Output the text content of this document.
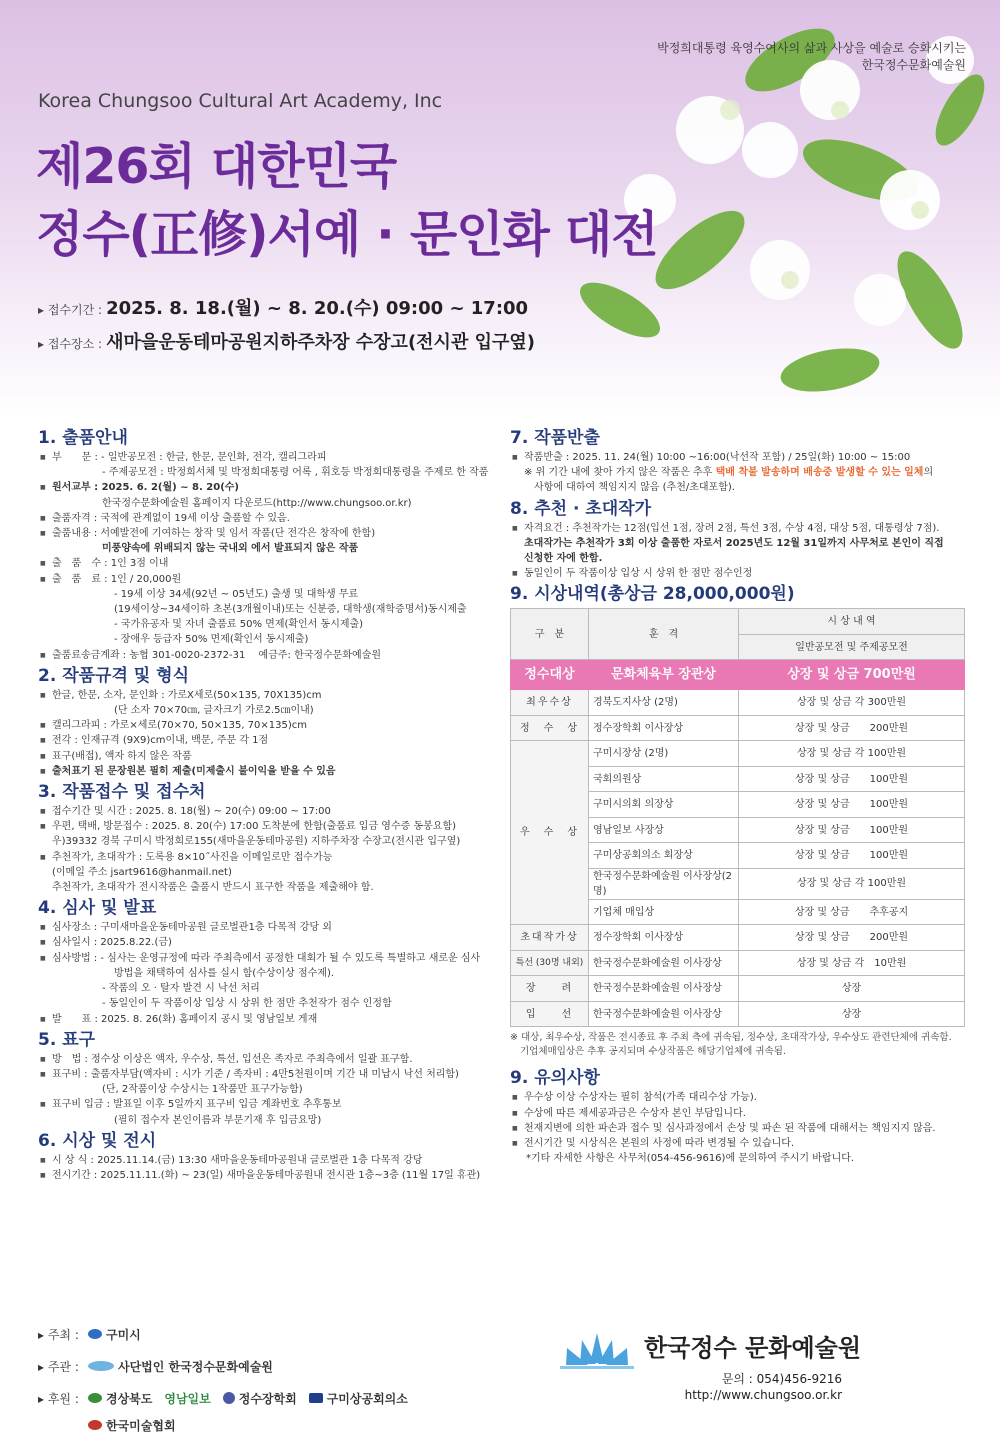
박정희대통령 육영수여사의 삶과 사상을 예술로 승화시키는
한국정수문화예술원
Korea Chungsoo Cultural Art Academy, Inc
제26회 대한민국
정수(正修)서예 · 문인화 대전
▸ 접수기간 : 2025. 8. 18.(월) ~ 8. 20.(수) 09:00 ~ 17:00
▸ 접수장소 : 새마을운동테마공원지하주차장 수장고(전시관 입구옆)
1. 출품안내
■ 부　　문 : - 일반공모전 : 한글, 한문, 문인화, 전각, 캘리그라피
- 주제공모전 : 박정희서체 및 박정희대통령 어록 , 휘호등 박정희대통령을 주제로 한 작품
■ 원서교부 : 2025. 6. 2(월) ~ 8. 20(수)
한국정수문화예술원 홈페이지 다운로드(http://www.chungsoo.or.kr)
■ 출품자격 : 국적에 관계없이 19세 이상 출품할 수 있음.
■ 출품내용 : 서예발전에 기여하는 창작 및 임서 작품(단 전각은 창작에 한함)
미풍양속에 위배되지 않는 국내외 에서 발표되지 않은 작품
■ 출　품　수 : 1인 3점 이내
■ 출　품　료 : 1인 / 20,000원
- 19세 이상 34세(92년 ~ 05년도) 출생 및 대학생 무료
(19세이상~34세이하 초본(3개월이내)또는 신분증, 대학생(재학증명서)동시제출
- 국가유공자 및 자녀 출품료 50% 면제(확인서 동시제출)
- 장애우 등급자 50% 면제(확인서 동시제출)
■ 출품료송금계좌 : 농협 301-0020-2372-31　 예금주: 한국정수문화예술원
2. 작품규격 및 형식
■ 한글, 한문, 소자, 문인화 : 가로X세로(50×135, 70X135)cm
(단 소자 70×70㎝, 글자크기 가로2.5㎝이내)
■ 캘리그라피 : 가로×세로(70×70, 50×135, 70×135)cm
■ 전각 : 인재규격 (9X9)cm이내, 백문, 주문 각 1점
■ 표구(배접), 액자 하지 않은 작품
■ 출처표기 된 문장원본 필히 제출(미제출시 불이익을 받을 수 있음
3. 작품접수 및 접수처
■ 접수기간 및 시간 : 2025. 8. 18(월) ~ 20(수) 09:00 ~ 17:00
■ 우편, 택배, 방문접수 : 2025. 8. 20(수) 17:00 도착분에 한함(출품료 입금 영수증 동봉요함)
우)39332 경북 구미시 박정희로155(새마을운동테마공원) 지하주차장 수장고(전시관 입구옆)
■ 추천작가, 초대작가 : 도록용 8×10˝사진을 이메일로만 접수가능
(이메일 주소 jsart9616@hanmail.net)
추천작가, 초대작가 전시작품은 출품시 반드시 표구한 작품을 제출해야 함.
4. 심사 및 발표
■ 심사장소 : 구미새마을운동테마공원 글로벌관1층 다목적 강당 외
■ 심사일시 : 2025.8.22.(금)
■ 심사방법 : - 심사는 운영규정에 따라 주최측에서 공정한 대회가 될 수 있도록 특별하고 새로운 심사
방법을 채택하여 심사를 실시 함(수상이상 점수제).
- 작품의 오 · 탈자 발견 시 낙선 처리
- 동일인이 두 작품이상 입상 시 상위 한 점만 추천작가 점수 인정함
■ 발　　표 : 2025. 8. 26(화) 홈페이지 공시 및 영남일보 게재
5. 표구
■ 방　법 : 정수상 이상은 액자, 우수상, 특선, 입선은 족자로 주최측에서 일괄 표구함.
■ 표구비 : 출품자부담(액자비 : 시가 기준 / 족자비 : 4만5천원이며 기간 내 미납시 낙선 처리함)
(단, 2작품이상 수상시는 1작품만 표구가능함)
■ 표구비 입금 : 발표일 이후 5일까지 표구비 입금 계좌번호 추후통보
(필히 접수자 본인이름과 부문기재 후 입금요망)
6. 시상 및 전시
■ 시 상 식 : 2025.11.14.(금) 13:30 새마을운동테마공원내 글로벌관 1층 다목적 강당
■ 전시기간 : 2025.11.11.(화) ~ 23(일) 새마을운동테마공원내 전시관 1층~3층 (11월 17일 휴관)
7. 작품반출
■ 작품반출 : 2025. 11. 24(월) 10:00 ~16:00(낙선작 포함) / 25일(화) 10:00 ~ 15:00
※ 위 기간 내에 찾아 가지 않은 작품은 추후 택배 착불 발송하며 배송중 발생할 수 있는 일체의
사항에 대하여 책임지지 않음 (추천/초대포함).
8. 추천 · 초대작가
■ 자격요건 : 추천작가는 12점(입선 1점, 장려 2점, 특선 3점, 수상 4점, 대상 5점, 대통령상 7점).
초대작가는 추천작가 3회 이상 출품한 자로서 2025년도 12월 31일까지 사무처로 본인이 직접
신청한 자에 한함.
■ 동일인이 두 작품이상 입상 시 상위 한 점만 점수인정
9. 시상내역(총상금 28,000,000원)
구　분	훈　격	시 상 내 역
		일반공모전 및 주제공모전
정수대상	문화체육부 장관상	상장 및 상금 700만원
최우수상	경북도지사상 (2명)	상장 및 상금 각 300만원
정　수　상	정수장학회 이사장상	상장 및 상금　　200만원
우　수　상	구미시장상 (2명)	상장 및 상금 각 100만원
	국회의원상	상장 및 상금　　100만원
	구미시의회 의장상	상장 및 상금　　100만원
	영남일보 사장상	상장 및 상금　　100만원
	구미상공회의소 회장상	상장 및 상금　　100만원
	한국정수문화예술원 이사장상(2명)	상장 및 상금 각 100만원
	기업체 매입상	상장 및 상금　　추후공지
초대작가상	정수장학회 이사장상	상장 및 상금　　200만원
특선 (30명 내외)	한국정수문화예술원 이사장상	상장 및 상금 각　10만원
장　　려	한국정수문화예술원 이사장상	상장
입　　선	한국정수문화예술원 이사장상	상장
※ 대상, 최우수상, 작품은 전시종료 후 주최 측에 귀속됨, 정수상, 초대작가상, 우수상도 관련단체에 귀속함.
기업체매입상은 추후 공지되며 수상작품은 해당기업체에 귀속됨.
9. 유의사항
■ 우수상 이상 수상자는 필히 참석(가족 대리수상 가능).
■ 수상에 따른 제세공과금은 수상자 본인 부담입니다.
■ 천재지변에 의한 파손과 접수 및 심사과정에서 손상 및 파손 된 작품에 대해서는 책임지지 않음.
■ 전시기간 및 시상식은 본원의 사정에 따라 변경될 수 있습니다.
*기타 자세한 사항은 사무처(054-456-9616)에 문의하여 주시기 바랍니다.
▸ 주최 :	구미시
▸ 주관 :	사단법인 한국정수문화예술원
▸ 후원 :	경상북도 영남일보 정수장학회	구미상공회의소
한국미술협회
한국정수 문화예술원
문의 : 054)456-9216
http://www.chungsoo.or.kr
